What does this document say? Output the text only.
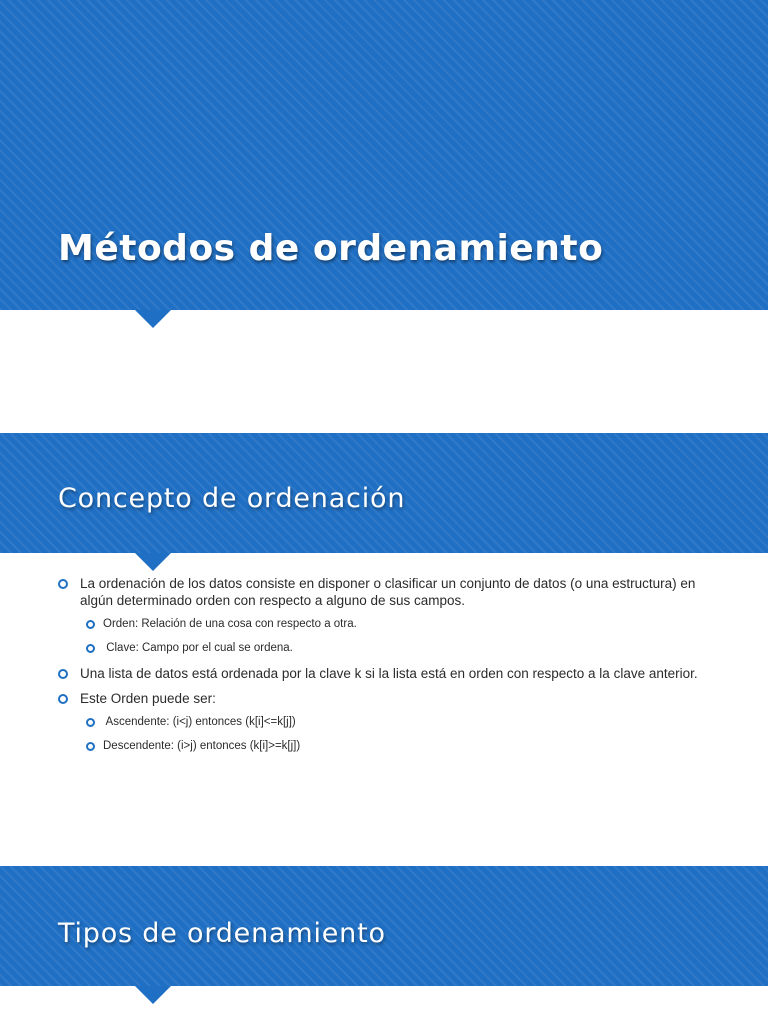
Métodos de ordenamiento
Concepto de ordenación
La ordenación de los datos consiste en disponer o clasificar un conjunto de datos (o una estructura) en algún determinado orden con respecto a alguno de sus campos.
Orden: Relación de una cosa con respecto a otra.
Clave: Campo por el cual se ordena.
Una lista de datos está ordenada por la clave k si la lista está en orden con respecto a la clave anterior.
Este Orden puede ser:
Ascendente: (i<j) entonces (k[i]<=k[j])
Descendente: (i>j) entonces (k[i]>=k[j])
Tipos de ordenamiento
